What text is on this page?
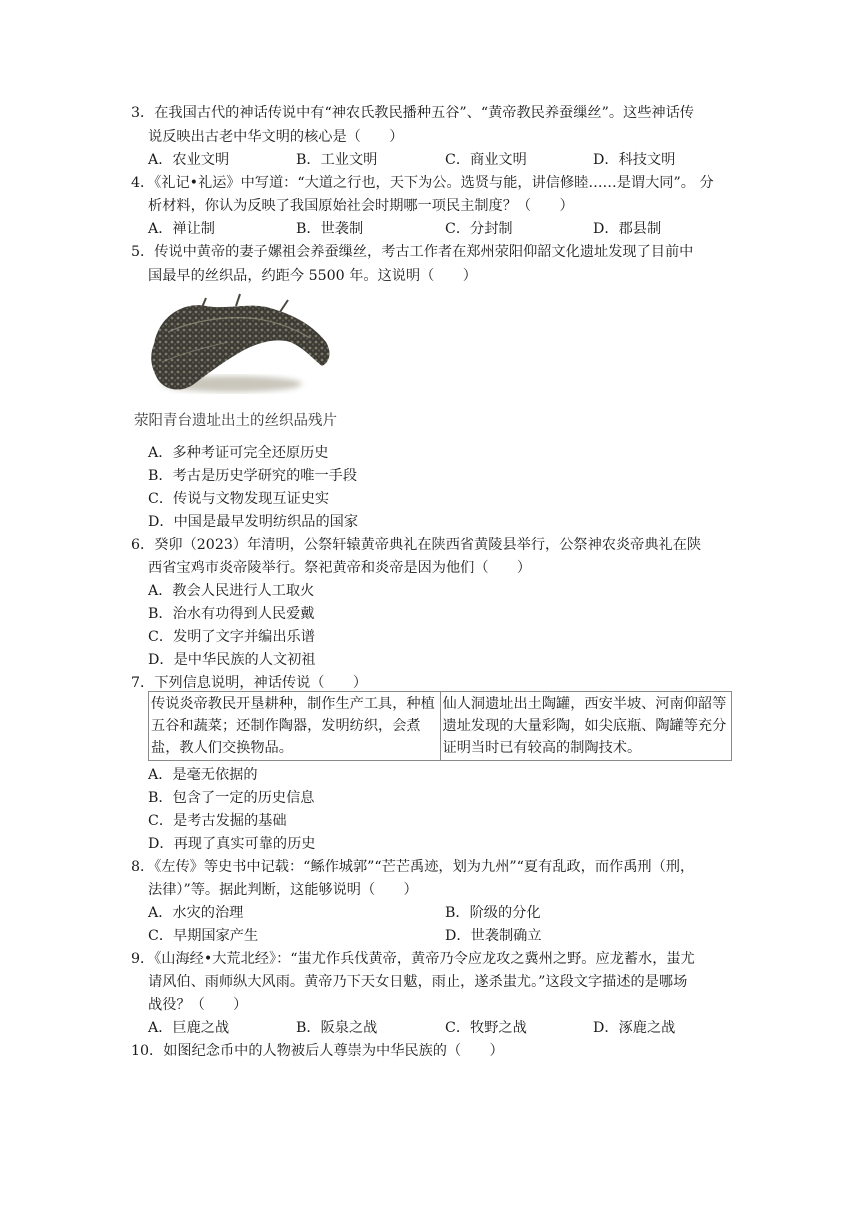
3．在我国古代的神话传说中有“神农氏教民播种五谷”、“黄帝教民养蚕缫丝”。这些神话传
说反映出古老中华文明的核心是（　　）
A．农业文明	B．工业文明	C．商业文明	D．科技文明
4．《礼记•礼运》中写道：“大道之行也，天下为公。选贤与能，讲信修睦……是谓大同”。 分
析材料，你认为反映了我国原始社会时期哪一项民主制度？（　　）
A．禅让制	B．世袭制	C．分封制	D．郡县制
5．传说中黄帝的妻子嫘祖会养蚕缫丝，考古工作者在郑州荥阳仰韶文化遗址发现了目前中
国最早的丝织品，约距今 5500 年。这说明（　　）
荥阳青台遗址出土的丝织品残片
A．多种考证可完全还原历史
B．考古是历史学研究的唯一手段
C．传说与文物发现互证史实
D．中国是最早发明纺织品的国家
6．癸卯（2023）年清明，公祭轩辕黄帝典礼在陕西省黄陵县举行，公祭神农炎帝典礼在陕
西省宝鸡市炎帝陵举行。祭祀黄帝和炎帝是因为他们（　　）
A．教会人民进行人工取火
B．治水有功得到人民爱戴
C．发明了文字并编出乐谱
D．是中华民族的人文初祖
7．下列信息说明，神话传说（　　）
传说炎帝教民开垦耕种，制作生产工具，种植五谷和蔬菜；还制作陶器，发明纺织，会煮盐，教人们交换物品。	仙人洞遗址出土陶罐，西安半坡、河南仰韶等遗址发现的大量彩陶，如尖底瓶、陶罐等充分证明当时已有较高的制陶技术。
A．是毫无依据的
B．包含了一定的历史信息
C．是考古发掘的基础
D．再现了真实可靠的历史
8．《左传》等史书中记载：“鲧作城郭”“芒芒禹迹，划为九州”“夏有乱政，而作禹刑（刑，
法律）”等。据此判断，这能够说明（　　）
A．水灾的治理	B．阶级的分化
C．早期国家产生	D．世袭制确立
9．《山海经•大荒北经》：“蚩尤作兵伐黄帝，黄帝乃令应龙攻之冀州之野。应龙蓄水，蚩尤
请风伯、雨师纵大风雨。黄帝乃下天女日魃，雨止，遂杀蚩尤。”这段文字描述的是哪场
战役？（　　）
A．巨鹿之战	B．阪泉之战	C．牧野之战	D．涿鹿之战
10．如图纪念币中的人物被后人尊崇为中华民族的（　　）
